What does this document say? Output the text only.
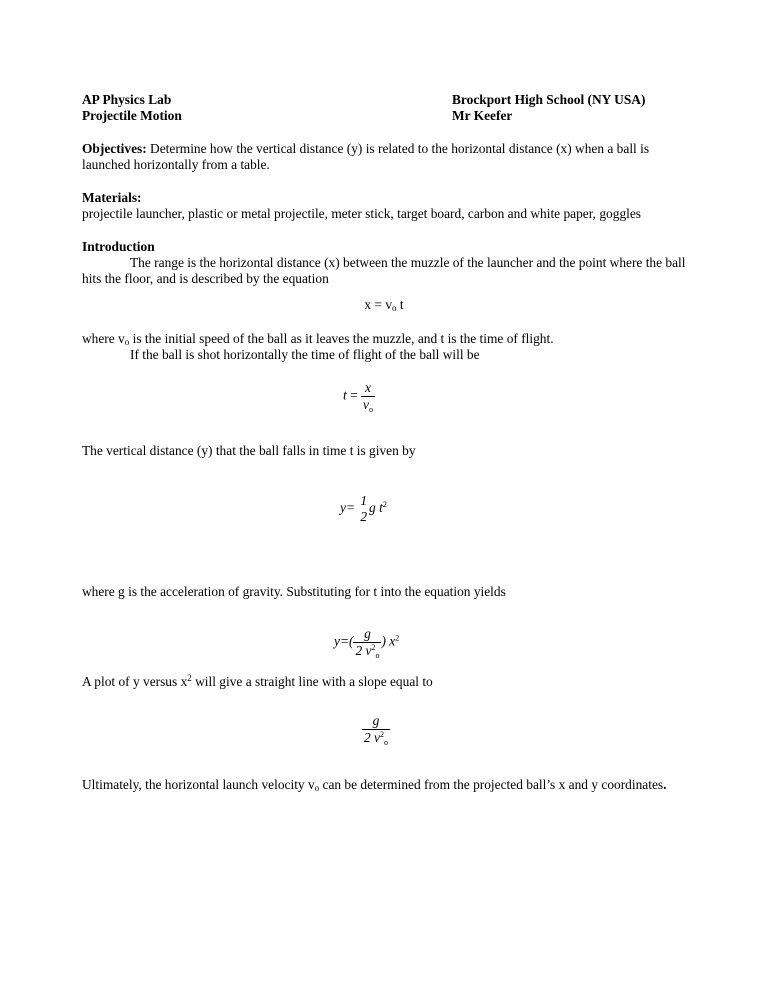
AP Physics Lab
Projectile Motion
Brockport High School (NY USA)
Mr Keefer
Objectives: Determine how the vertical distance (y) is related to the horizontal distance (x) when a ball is launched horizontally from a table.
Materials:
projectile launcher, plastic or metal projectile, meter stick, target board, carbon and white paper, goggles
Introduction
The range is the horizontal distance (x) between the muzzle of the launcher and the point where the ball hits the floor, and is described by the equation
$x = v_o$ t
where $v_o$ is the initial speed of the ball as it leaves the muzzle, and t is the time of flight.
If the ball is shot horizontally the time of flight of the ball will be
$t = \frac{x}{v_o}$
The vertical distance (y) that the ball falls in time t is given by
y= 1
2
g $t^2$
where g is the acceleration of gravity. Substituting for t into the equation yields
$y=( \frac{g}{2 v^2_o}$ ) $x^2$
A plot of y versus $x^2$ will give a straight line with a slope equal to
$\frac{g}{2 v^2_o}$
Ultimately, the horizontal launch velocity $v_o$ can be determined from the projected ball’s x and y coordinates.
